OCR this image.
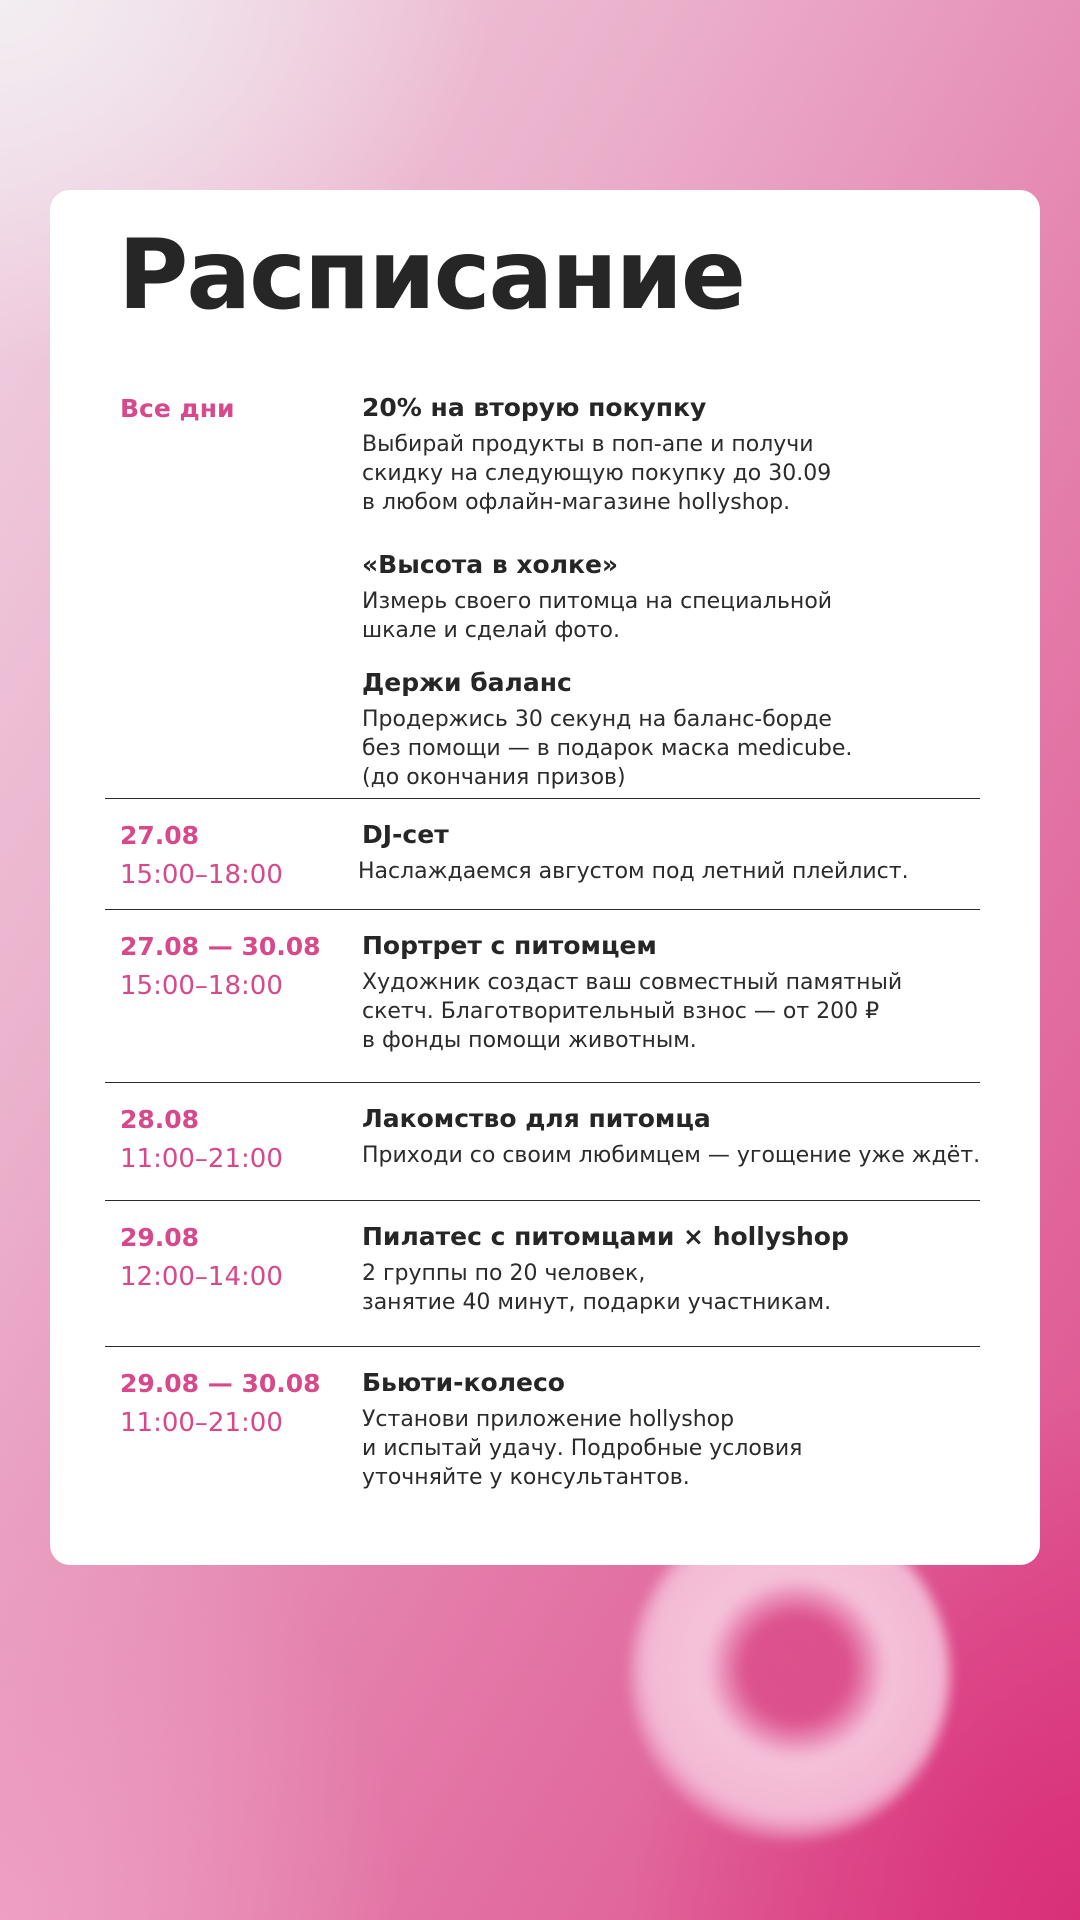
Расписание
Все дни	20% на вторую покупку
Выбирай продукты в поп-апе и получи
скидку на следующую покупку до 30.09
в любом офлайн-магазине hollyshop.
«Высота в холке»
Измерь своего питомца на специальной
шкале и сделай фото.
Держи баланс
Продержись 30 секунд на баланс-борде
без помощи — в подарок маска medicube.
(до окончания призов)
27.08
15:00–18:00
DJ-сет
Наслаждаемся августом под летний плейлист.
27.08 — 30.08
15:00–18:00
Портрет с питомцем
Художник создаст ваш совместный памятный
скетч. Благотворительный взнос — от 200 ₽
в фонды помощи животным.
28.08
11:00–21:00
Лакомство для питомца
Приходи со своим любимцем — угощение уже ждёт.
29.08
12:00–14:00
Пилатес с питомцами × hollyshop
2 группы по 20 человек,
занятие 40 минут, подарки участникам.
29.08 — 30.08
11:00–21:00
Бьюти-колесо
Установи приложение hollyshop
и испытай удачу. Подробные условия
уточняйте у консультантов.
